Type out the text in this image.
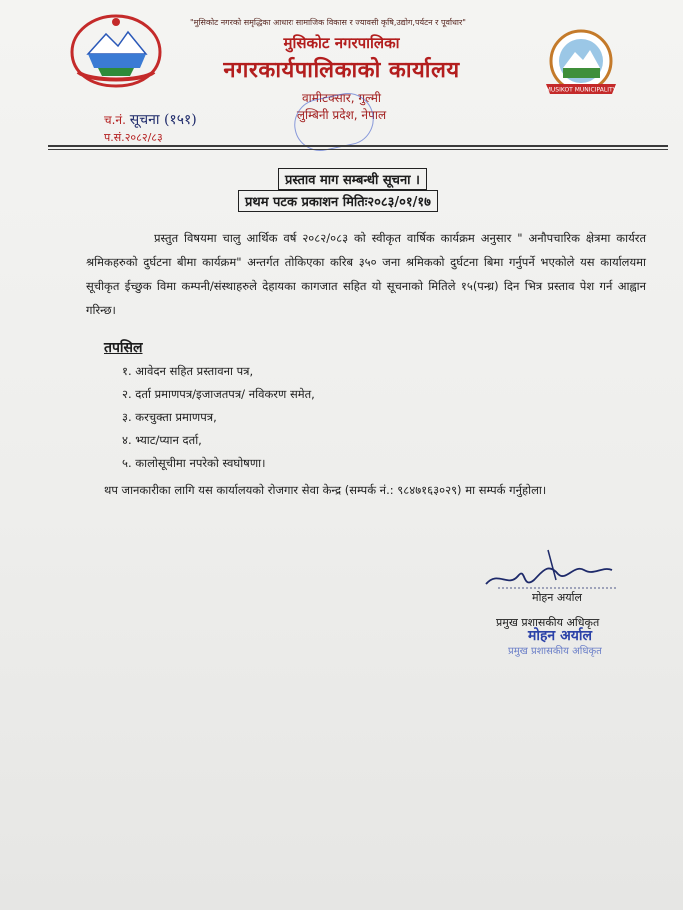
MUSIKOT MUNICIPALITY
"मुसिकोट नगरको समृद्धिका आधारः सामाजिक विकास र ज्यावसी कृषि,उद्योग,पर्यटन र पूर्वाधार"
मुसिकोट नगरपालिका
नगरकार्यपालिकाको कार्यालय
वामीटक्सार, गुल्मी
लुम्बिनी प्रदेश, नेपाल
च.नं. सूचना (१५१)
प.सं.२०८२/८३
प्रस्ताव माग सम्बन्धी सूचना ।
प्रथम पटक प्रकाशन मितिः२०८३/०१/१७

प्रस्तुत विषयमा चालु आर्थिक वर्ष २०८२/०८३ को स्वीकृत वार्षिक कार्यक्रम अनुसार " अनौपचारिक क्षेत्रमा कार्यरत श्रमिकहरुको दुर्घटना बीमा कार्यक्रम" अन्तर्गत तोकिएका करिब ३५० जना श्रमिकको दुर्घटना बिमा गर्नुपर्ने भएकोले यस कार्यालयमा सूचीकृत ईच्छुक विमा कम्पनी/संस्थाहरुले देहायका कागजात सहित यो सूचनाको मितिले १५(पन्ध्र) दिन भित्र प्रस्ताव पेश गर्न आह्वान गरिन्छ।

तपसिल
१. आवेदन सहित प्रस्तावना पत्र,
२. दर्ता प्रमाणपत्र/इजाजतपत्र/ नविकरण समेत,
३. करचुक्ता प्रमाणपत्र,
४. भ्याट/प्यान दर्ता,
५. कालोसूचीमा नपरेको स्वघोषणा।

थप जानकारीका लागि यस कार्यालयको रोजगार सेवा केन्द्र (सम्पर्क नं.: ९८४७१६३०२९) मा सम्पर्क गर्नुहोला।

मोहन अर्याल
प्रमुख प्रशासकीय अधिकृत
मोहन अर्याल
प्रमुख प्रशासकीय अधिकृत
